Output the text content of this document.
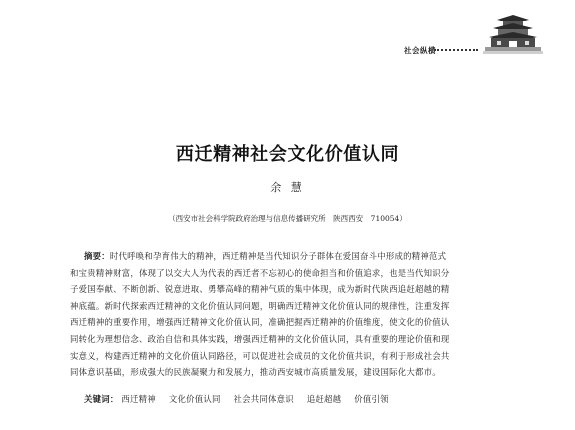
社会纵横
西迁精神社会文化价值认同
余 慧
（西安市社会科学院政府治理与信息传播研究所　陕西西安　710054）
摘要：时代呼唤和孕育伟大的精神，西迁精神是当代知识分子群体在爱国奋斗中形成的精神范式
和宝贵精神财富，体现了以交大人为代表的西迁者不忘初心的使命担当和价值追求，也是当代知识分
子爱国奉献、不断创新、锐意进取、勇攀高峰的精神气质的集中体现，成为新时代陕西追赶超越的精
神底蕴。新时代探索西迁精神的文化价值认同问题，明确西迁精神文化价值认同的规律性，注重发挥
西迁精神的重要作用，增强西迁精神文化价值认同，准确把握西迁精神的价值维度，使文化的价值认
同转化为理想信念、政治自信和具体实践，增强西迁精神的文化价值认同，具有重要的理论价值和现
实意义，构建西迁精神的文化价值认同路径，可以促进社会成员的文化价值共识，有利于形成社会共
同体意识基础，形成强大的民族凝聚力和发展力，推动西安城市高质量发展，建设国际化大都市。
关键词： 西迁精神 文化价值认同 社会共同体意识 追赶超越 价值引领
